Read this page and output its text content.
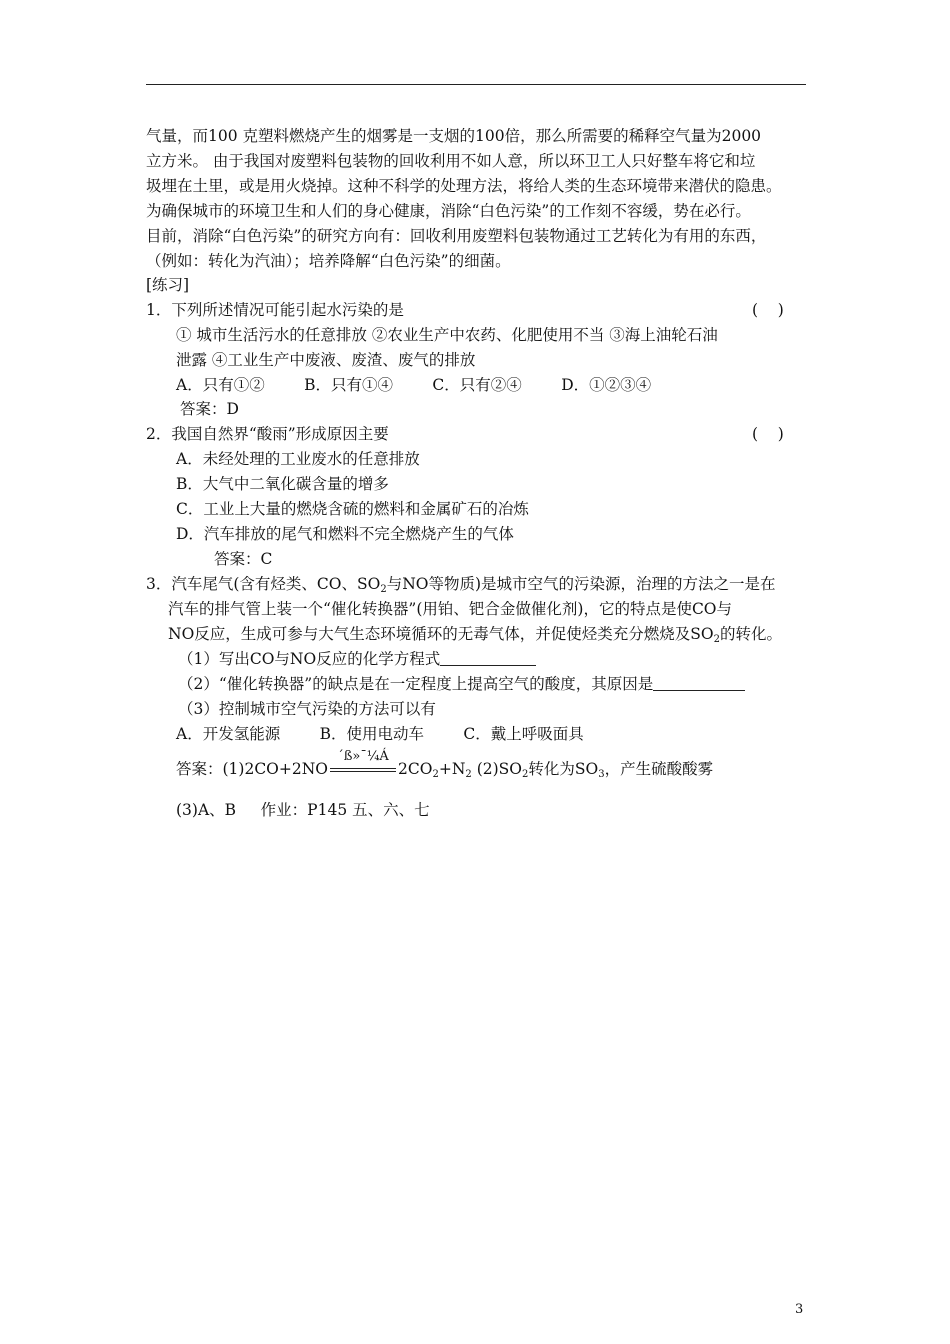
气量，而100 克塑料燃烧产生的烟雾是一支烟的100倍，那么所需要的稀释空气量为2000
立方米。 由于我国对废塑料包装物的回收利用不如人意，所以环卫工人只好整车将它和垃
圾埋在土里，或是用火烧掉。这种不科学的处理方法，将给人类的生态环境带来潜伏的隐患。
为确保城市的环境卫生和人们的身心健康，消除“白色污染”的工作刻不容缓，势在必行。
目前，消除“白色污染”的研究方向有：回收利用废塑料包装物通过工艺转化为有用的东西，
（例如：转化为汽油）；培养降解“白色污染”的细菌。
[练习]
1．下列所述情况可能引起水污染的是	(    )
① 城市生活污水的任意排放 ②农业生产中农药、化肥使用不当 ③海上油轮石油
泄露 ④工业生产中废液、废渣、废气的排放
A．只有①②        B．只有①④        C．只有②④        D．①②③④
答案：D
2．我国自然界“酸雨”形成原因主要	(    )
A．未经处理的工业废水的任意排放
B．大气中二氧化碳含量的增多
C．工业上大量的燃烧含硫的燃料和金属矿石的冶炼
D．汽车排放的尾气和燃料不完全燃烧产生的气体
答案：C
3．汽车尾气(含有烃类、CO、$SO_2$与NO等物质)是城市空气的污染源，治理的方法之一是在
汽车的排气管上装一个“催化转换器”(用铂、钯合金做催化剂)，它的特点是使CO与
NO反应，生成可参与大气生态环境循环的无毒气体，并促使烃类充分燃烧及$SO_2$的转化。
（1）写出CO与NO反应的化学方程式
（2）“催化转换器”的缺点是在一定程度上提高空气的酸度，其原因是
（3）控制城市空气污染的方法可以有
A．开发氢能源        B．使用电动车        C．戴上呼吸面具
答案：(1)2CO+2NO
´ß»¯¼Á
$2CO_2+N_2$ $(2)SO_2$转化为$SO_3$，产生硫酸酸雾
(3)A、B     作业：P145 五、六、七
3
